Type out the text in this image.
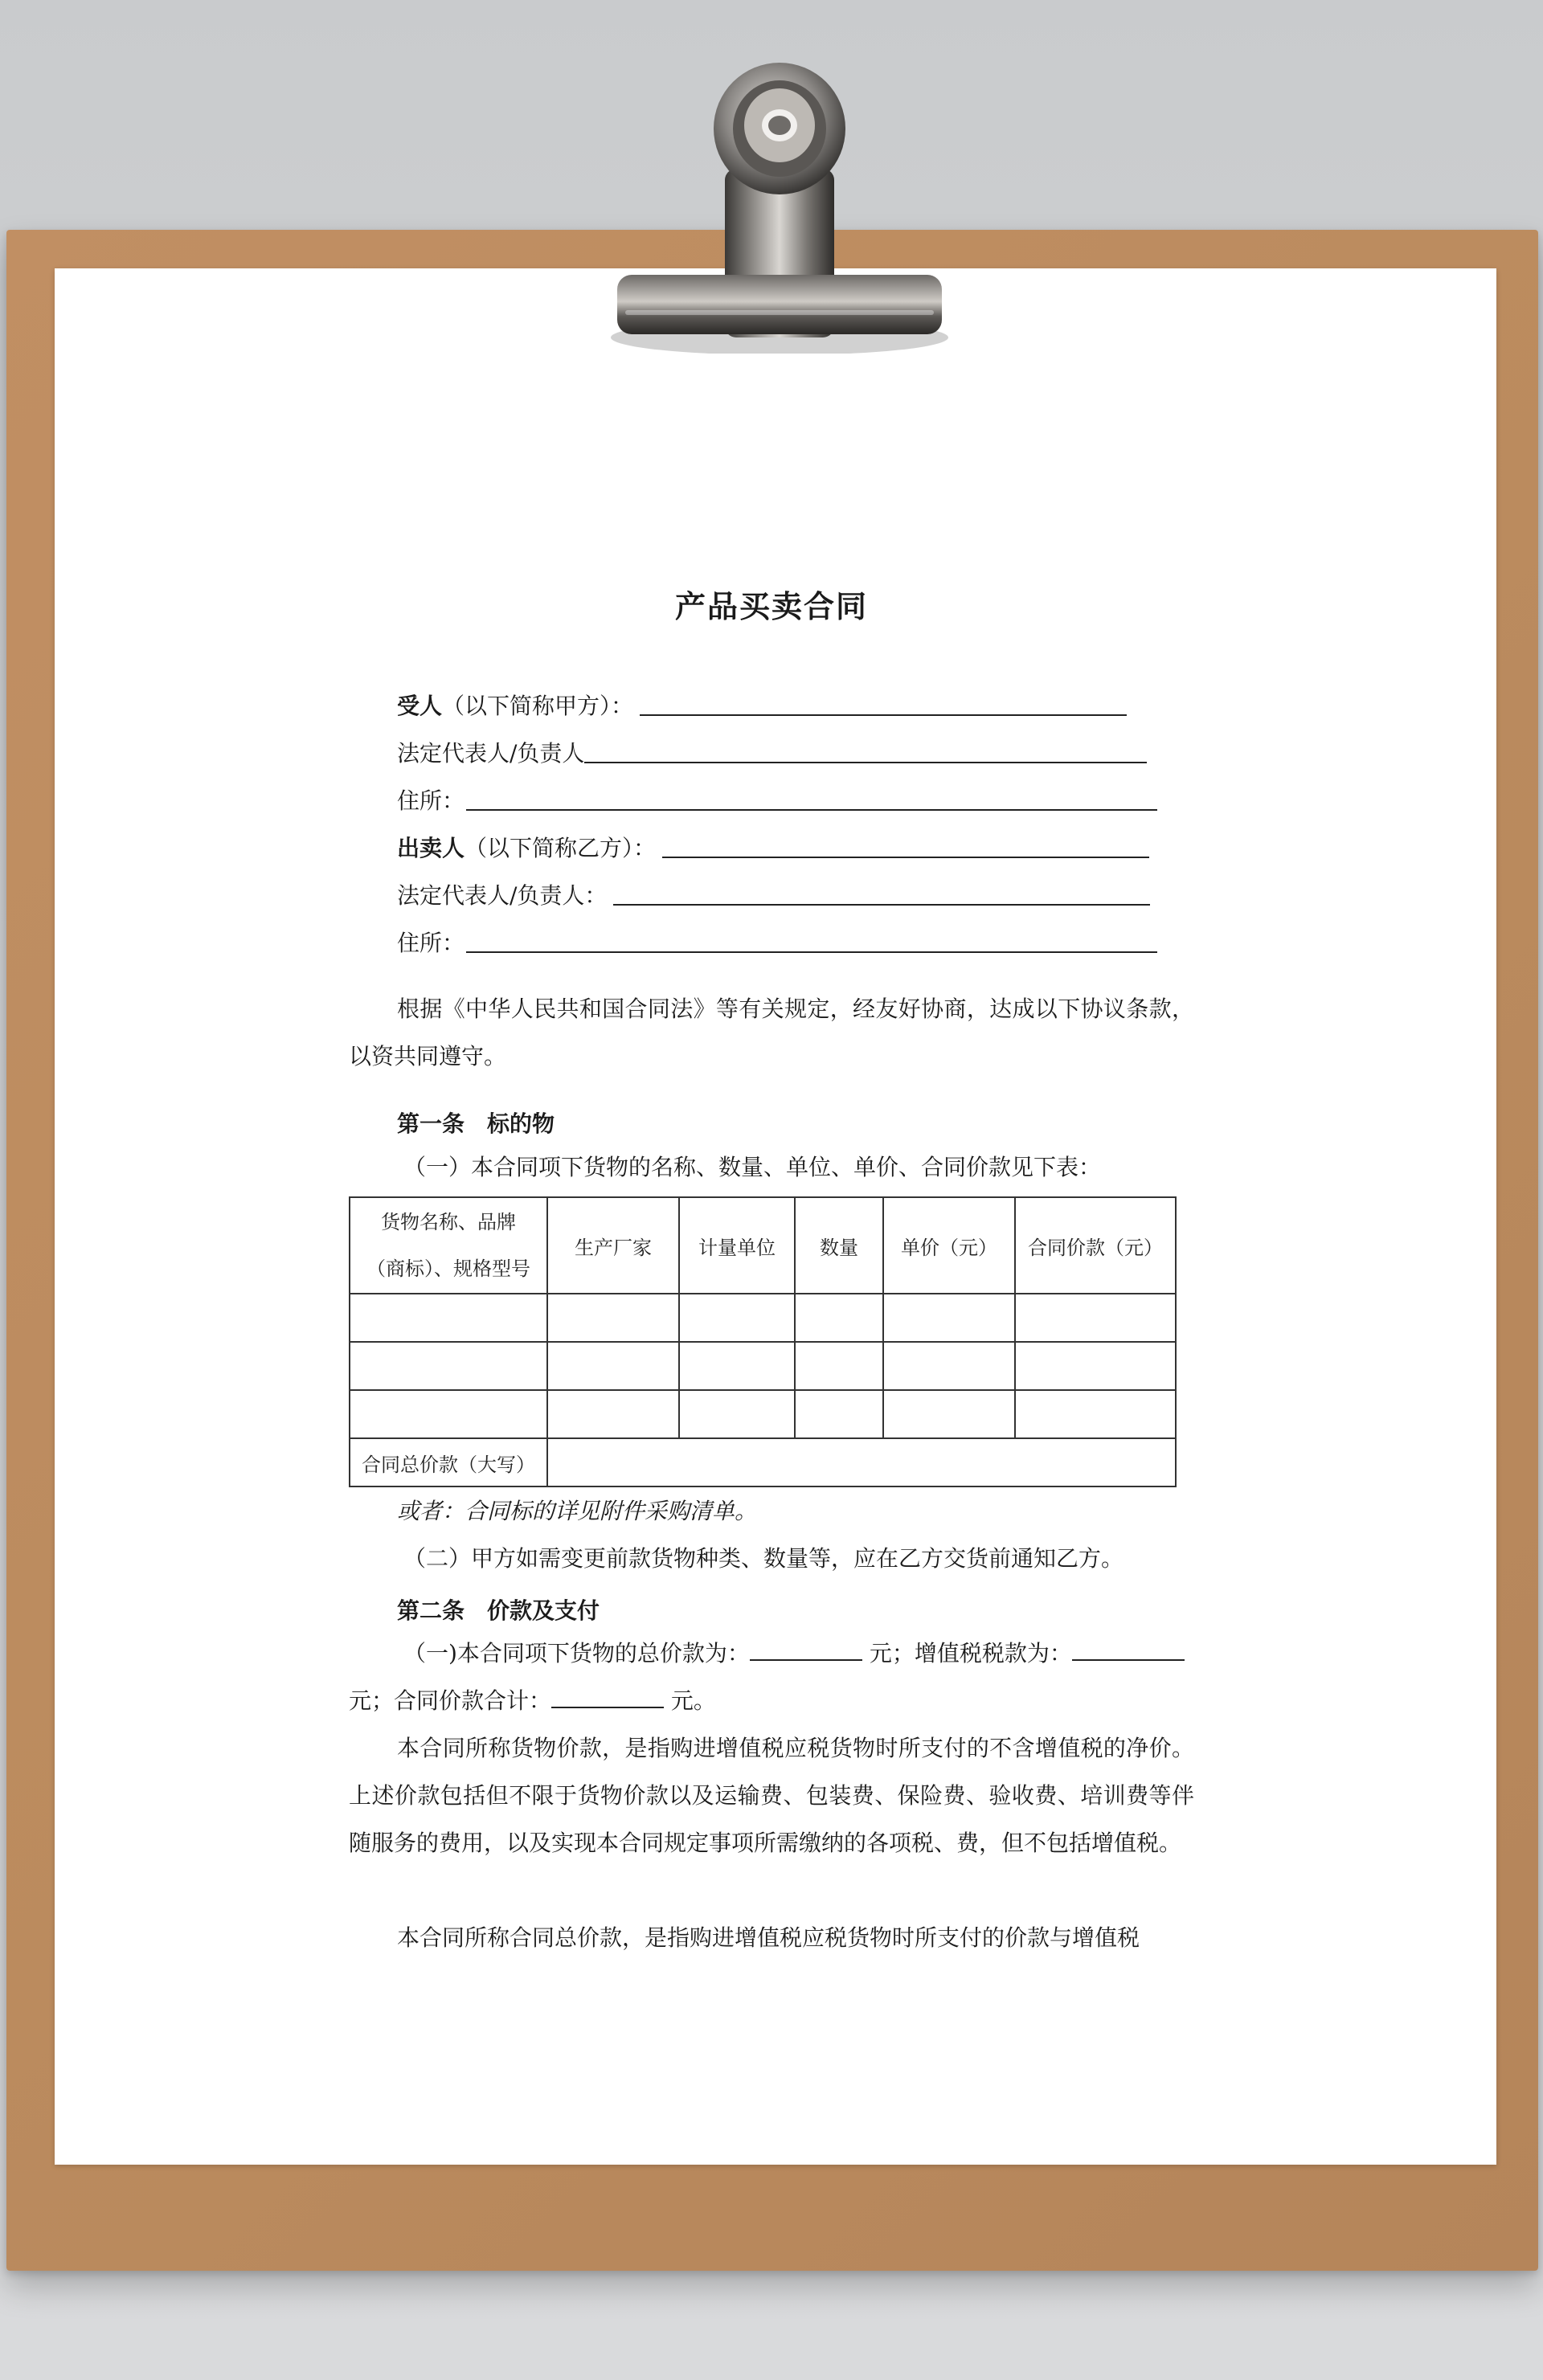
产品买卖合同
受人（以下简称甲方）：
法定代表人/负责人
住所：
出卖人（以下简称乙方）：
法定代表人/负责人：
住所：
根据《中华人民共和国合同法》等有关规定，经友好协商，达成以下协议条款，以资共同遵守。
第一条　标的物
（一）本合同项下货物的名称、数量、单位、单价、合同价款见下表：
货物名称、品牌
（商标）、规格型号	生产厂家	计量单位	数量	单价（元）	合同价款（元）

合同总价款（大写）					
或者：合同标的详见附件采购清单。
（二）甲方如需变更前款货物种类、数量等，应在乙方交货前通知乙方。
第二条　价款及支付
（一)本合同项下货物的总价款为：	元；增值税税款为：
元；合同价款合计：	元。
本合同所称货物价款，是指购进增值税应税货物时所支付的不含增值税的净价。上述价款包括但不限于货物价款以及运输费、包装费、保险费、验收费、培训费等伴随服务的费用，以及实现本合同规定事项所需缴纳的各项税、费，但不包括增值税。
本合同所称合同总价款，是指购进增值税应税货物时所支付的价款与增值税
